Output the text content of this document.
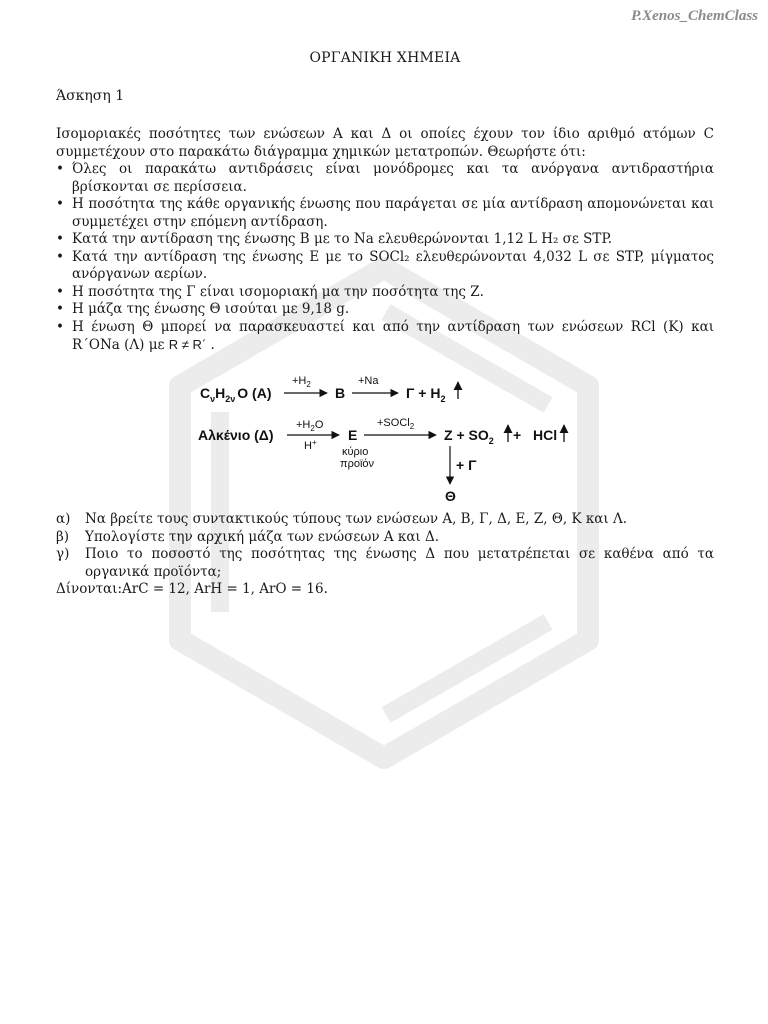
P.Xenos_ChemClass
ΟΡΓΑΝΙΚΗ ΧΗΜΕΙΑ
Άσκηση 1

Ισομοριακές ποσότητες των ενώσεων Α και Δ οι οποίες έχουν τον ίδιο αριθμό ατόμων C συμμετέχουν στο παρακάτω διάγραμμα χημικών μετατροπών. Θεωρήστε ότι:

• Όλες οι παρακάτω αντιδράσεις είναι μονόδρομες και τα ανόργανα αντιδραστήρια βρίσκονται σε περίσσεια.
• Η ποσότητα της κάθε οργανικής ένωσης που παράγεται σε μία αντίδραση απομονώνεται και συμμετέχει στην επόμενη αντίδραση.
• Κατά την αντίδραση της ένωσης Β με το Na ελευθερώνονται 1,12 L H₂ σε STP.
• Κατά την αντίδραση της ένωσης Ε με το SOCl₂ ελευθερώνονται 4,032 L σε STP, μίγματος ανόργανων αερίων.
• Η ποσότητα της Γ είναι ισομοριακή μα την ποσότητα της Ζ.
• Η μάζα της ένωσης Θ ισούται με 9,18 g.
• Η ένωση Θ μπορεί να παρασκευαστεί και από την αντίδραση των ενώσεων RCl (Κ) και R΄ONa (Λ) με R ≠ R΄ .
$C_\nu H_{2\nu}$ O (A)
$+H_2$
B
+Na
$\Gamma + H_2$
Αλκένιο (Δ)
$+H_2O$
H+ E
κύριο
προϊόν
+SOCl$_2$
$Z + SO_2$ + HCl
+ Γ
Θ
α) Να βρείτε τους συντακτικούς τύπους των ενώσεων Α, Β, Γ, Δ, Ε, Ζ, Θ, Κ και Λ.
β) Υπολογίστε την αρχική μάζα των ενώσεων Α και Δ.
γ) Ποιο το ποσοστό της ποσότητας της ένωσης Δ που μετατρέπεται σε καθένα από τα οργανικά προϊόντα;
Δίνονται:ArC = 12, ArH = 1, ArO = 16.
